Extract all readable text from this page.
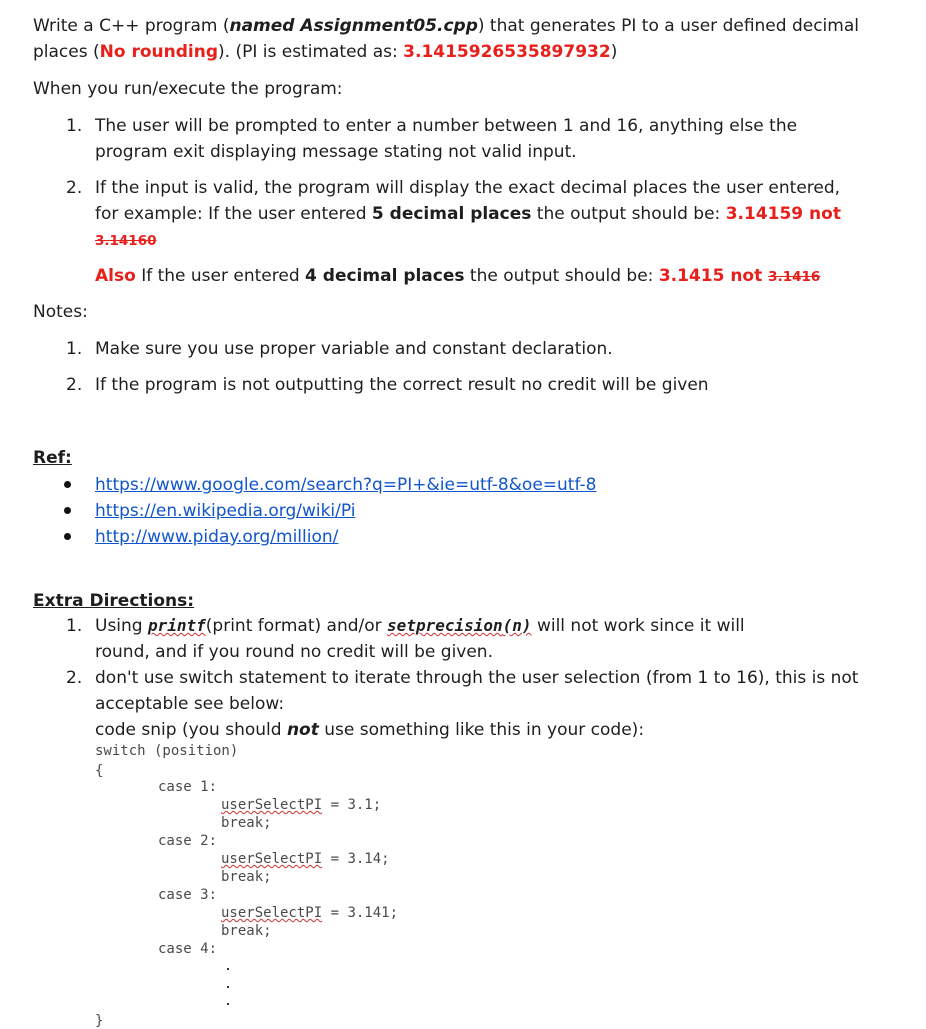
Write a C++ program (named Assignment05.cpp) that generates PI to a user defined decimal
places (No rounding). (PI is estimated as: 3.1415926535897932)
When you run/execute the program:
1. The user will be prompted to enter a number between 1 and 16, anything else the
program exit displaying message stating not valid input.
2. If the input is valid, the program will display the exact decimal places the user entered,
for example: If the user entered 5 decimal places the output should be: 3.14159 not
3.14160
Also If the user entered 4 decimal places the output should be: 3.1415 not 3.1416
Notes:
1. Make sure you use proper variable and constant declaration.
2. If the program is not outputting the correct result no credit will be given
Ref:
https://www.google.com/search?q=PI+&ie=utf-8&oe=utf-8
https://en.wikipedia.org/wiki/Pi
http://www.piday.org/million/
Extra Directions:
1. Using printf(print format) and/or setprecision(n) will not work since it will
round, and if you round no credit will be given.
2. don't use switch statement to iterate through the user selection (from 1 to 16), this is not
acceptable see below:
code snip (you should not use something like this in your code):
switch (position)
{
case 1:
userSelectPI = 3.1;
break;
case 2:
userSelectPI = 3.14;
break;
case 3:
userSelectPI = 3.141;
break;
case 4:
}
